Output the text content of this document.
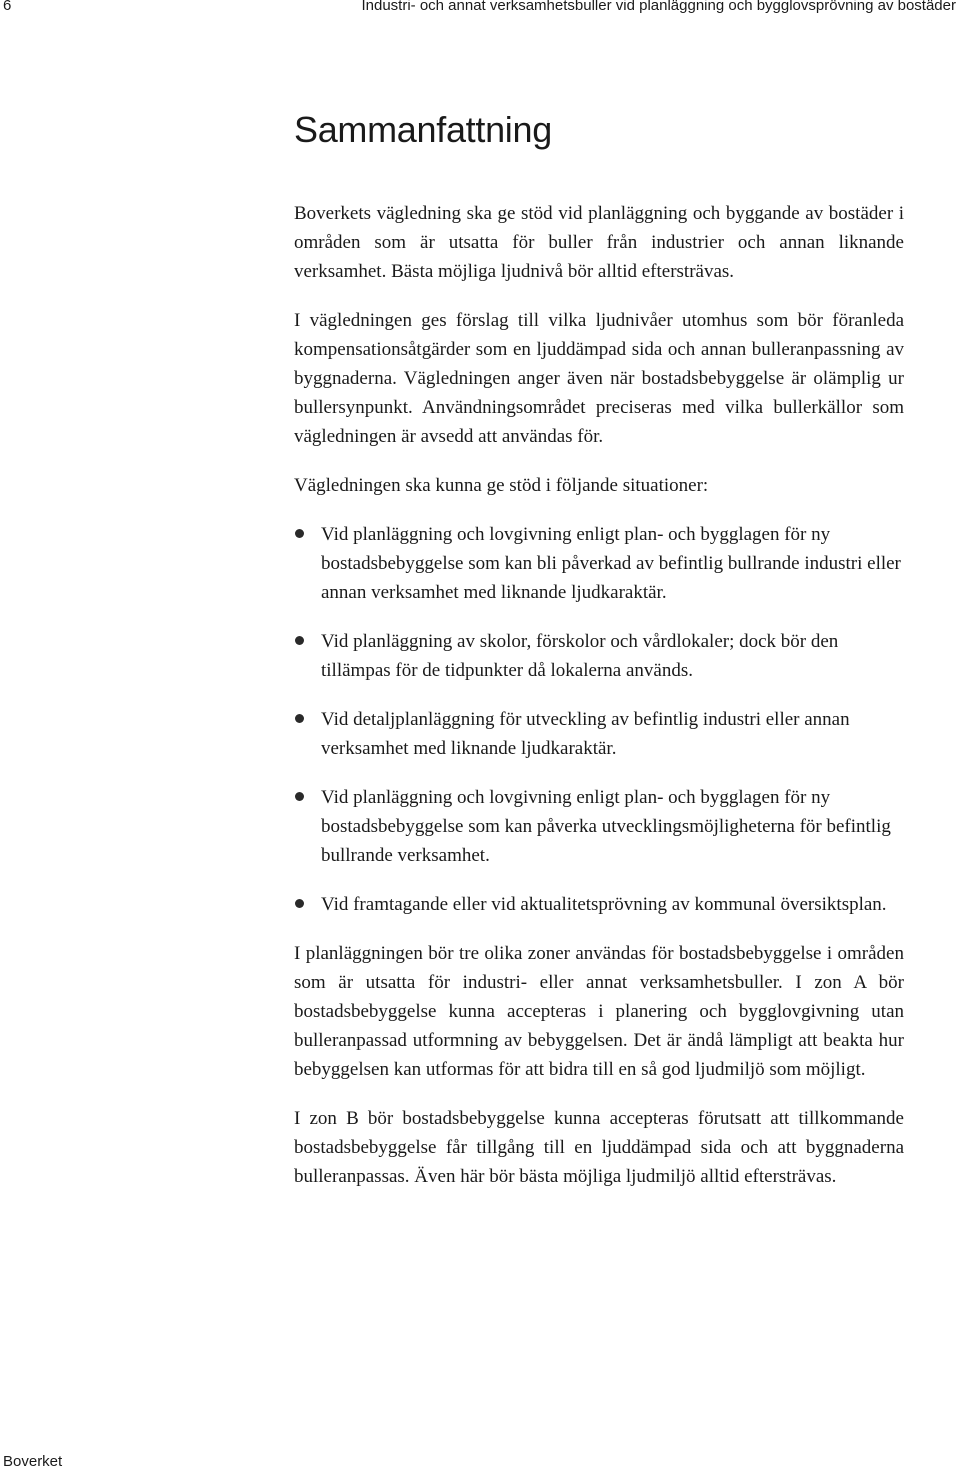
6	Industri- och annat verksamhetsbuller vid planläggning och bygglovsprövning av bostäder
Sammanfattning

Boverkets vägledning ska ge stöd vid planläggning och byggande av bostäder i områden som är utsatta för buller från industrier och annan liknande verksamhet. Bästa möjliga ljudnivå bör alltid eftersträvas.

I vägledningen ges förslag till vilka ljudnivåer utomhus som bör föranleda kompensationsåtgärder som en ljuddämpad sida och annan bulleranpassning av byggnaderna. Vägledningen anger även när bostadsbebyggelse är olämplig ur bullersynpunkt. Användningsområdet preciseras med vilka bullerkällor som vägledningen är avsedd att användas för.

Vägledningen ska kunna ge stöd i följande situationer:

Vid planläggning och lovgivning enligt plan- och bygglagen för ny bostadsbebyggelse som kan bli påverkad av befintlig bullrande industri eller annan verksamhet med liknande ljudkaraktär.
Vid planläggning av skolor, förskolor och vårdlokaler; dock bör den tillämpas för de tidpunkter då lokalerna används.
Vid detaljplanläggning för utveckling av befintlig industri eller annan verksamhet med liknande ljudkaraktär.
Vid planläggning och lovgivning enligt plan- och bygglagen för ny bostadsbebyggelse som kan påverka utvecklingsmöjligheterna för befintlig bullrande verksamhet.
Vid framtagande eller vid aktualitetsprövning av kommunal översiktsplan.

I planläggningen bör tre olika zoner användas för bostadsbebyggelse i områden som är utsatta för industri- eller annat verksamhetsbuller. I zon A bör bostadsbebyggelse kunna accepteras i planering och bygglovgivning utan bulleranpassad utformning av bebyggelsen. Det är ändå lämpligt att beakta hur bebyggelsen kan utformas för att bidra till en så god ljudmiljö som möjligt.

I zon B bör bostadsbebyggelse kunna accepteras förutsatt att tillkommande bostadsbebyggelse får tillgång till en ljuddämpad sida och att byggnaderna bulleranpassas. Även här bör bästa möjliga ljudmiljö alltid eftersträvas.

Boverket
